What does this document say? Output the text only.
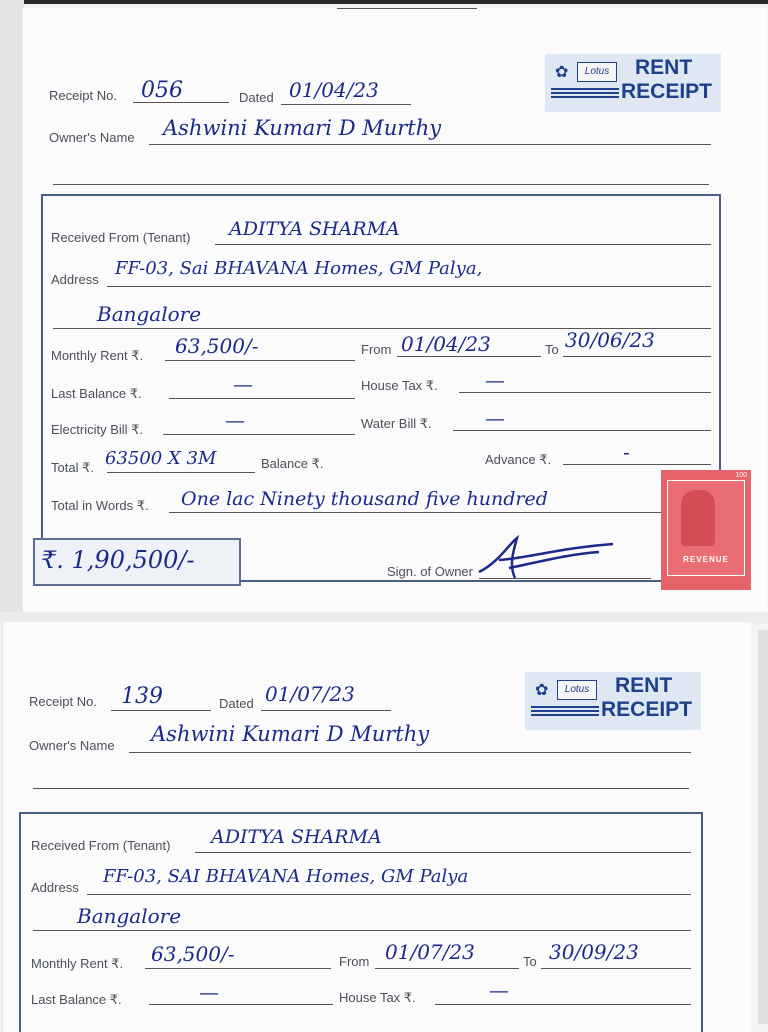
Receipt No. 056	Dated 01/04/23
✿	Lotus	RENT
RECEIPT
Owner's Name Ashwini Kumari D Murthy
Received From (Tenant) ADITYA SHARMA
Address
FF-03, Sai BHAVANA Homes, GM Palya,
Bangalore
Monthly Rent ₹. 63,500/-	From 01/04/23	To 30/06/23
Last Balance ₹.	—	House Tax ₹. —
Electricity Bill ₹.	—	Water Bill ₹.	—
Total ₹. 63500 X 3M	Balance ₹.	Advance ₹.	-
Total in Words ₹. One lac Ninety thousand five hundred
₹. 1,90,500/-	Sign. of Owner
100
REVENUE
Receipt No. 139	Dated 01/07/23	✿	Lotus	RENT
RECEIPT
Owner's Name Ashwini Kumari D Murthy
Received From (Tenant) ADITYA SHARMA
Address
FF-03, SAI BHAVANA Homes, GM Palya
Bangalore
Monthly Rent ₹. 63,500/-	From 01/07/23	To 30/09/23
Last Balance ₹.	—	House Tax ₹.	—
